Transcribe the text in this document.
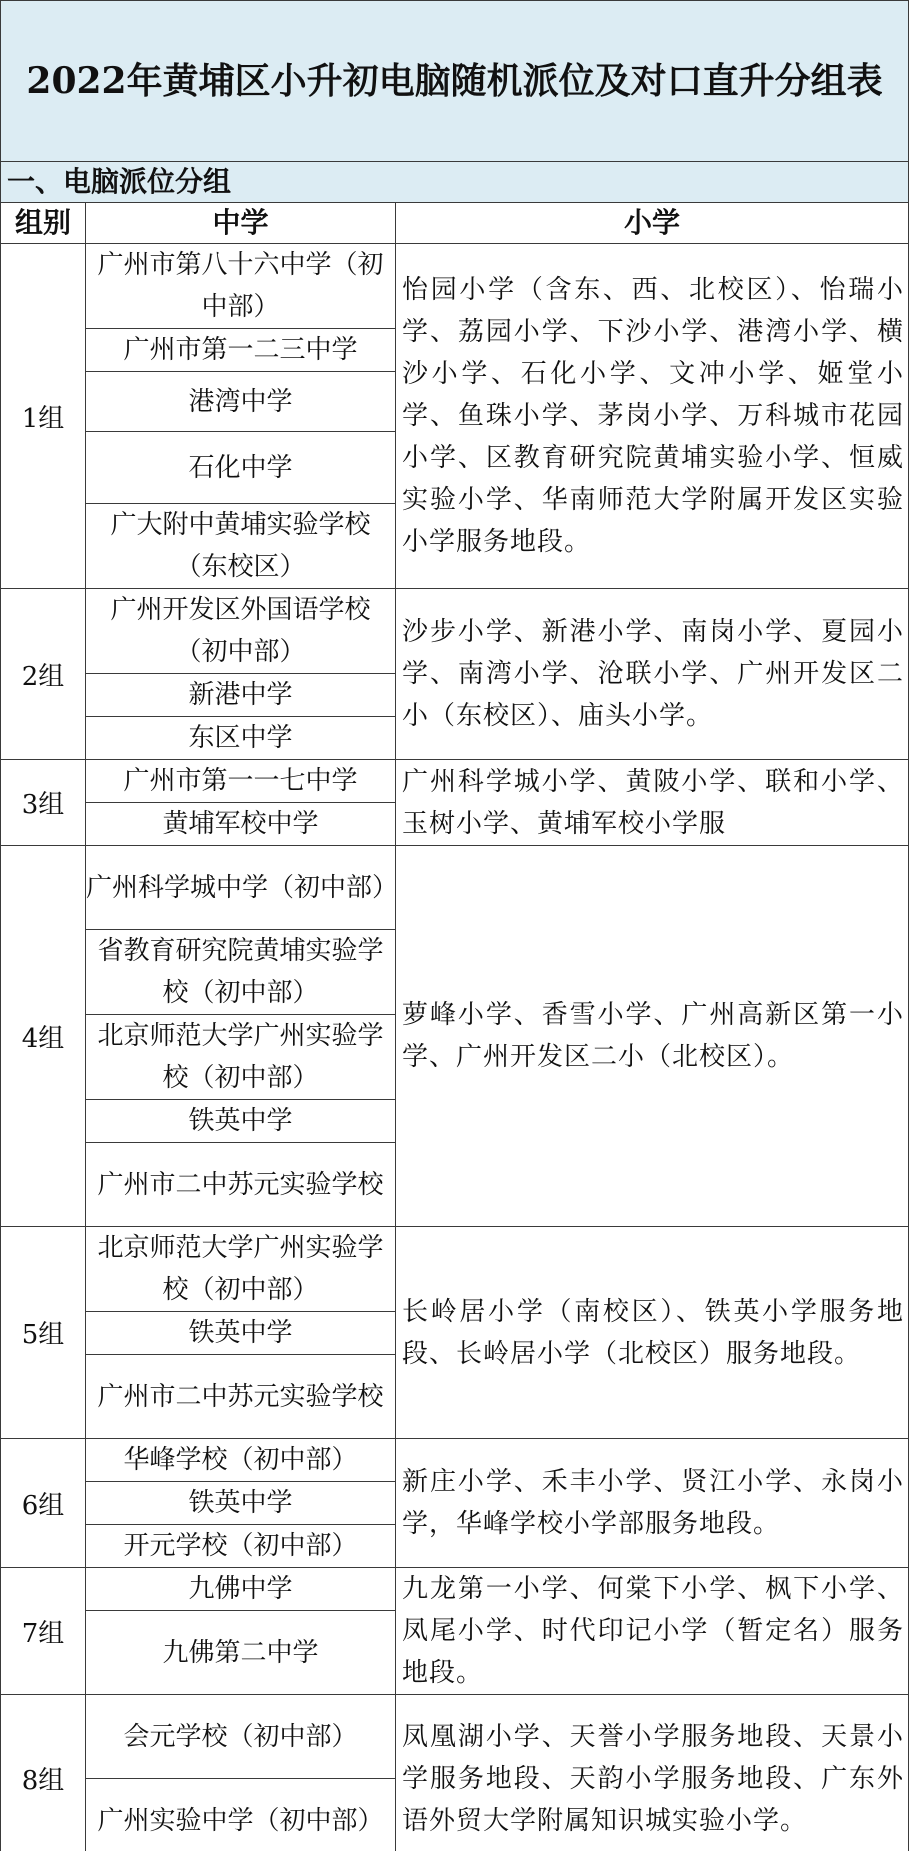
2022年黄埔区小升初电脑随机派位及对口直升分组表		
一、电脑派位分组		
组别	中学	小学
1组	广州市第八十六中学（初中部）	怡园小学（含东、西、北校区）、怡瑞小学、荔园小学、下沙小学、港湾小学、横沙小学、石化小学、文冲小学、姬堂小学、鱼珠小学、茅岗小学、万科城市花园小学、区教育研究院黄埔实验小学、恒威实验小学、华南师范大学附属开发区实验小学服务地段。
	广州市第一二三中学	
	港湾中学	
	石化中学	
	广大附中黄埔实验学校（东校区）	
2组	广州开发区外国语学校（初中部）	沙步小学、新港小学、南岗小学、夏园小学、南湾小学、沧联小学、广州开发区二小（东校区）、庙头小学。
	新港中学	
	东区中学	
3组	广州市第一一七中学	广州科学城小学、黄陂小学、联和小学、玉树小学、黄埔军校小学服
	黄埔军校中学	
4组	广州科学城中学（初中部）	萝峰小学、香雪小学、广州高新区第一小学、广州开发区二小（北校区）。
	省教育研究院黄埔实验学校（初中部）	
	北京师范大学广州实验学校（初中部）	
	铁英中学	
	广州市二中苏元实验学校	
5组	北京师范大学广州实验学校（初中部）	长岭居小学（南校区）、铁英小学服务地段、长岭居小学（北校区）服务地段。
	铁英中学	
	广州市二中苏元实验学校	
6组	华峰学校（初中部）	新庄小学、禾丰小学、贤江小学、永岗小学，华峰学校小学部服务地段。
	铁英中学	
	开元学校（初中部）	
7组	九佛中学	九龙第一小学、何棠下小学、枫下小学、凤尾小学、时代印记小学（暂定名）服务地段。
	九佛第二中学	
8组	会元学校（初中部）	凤凰湖小学、天誉小学服务地段、天景小学服务地段、天韵小学服务地段、广东外语外贸大学附属知识城实验小学。
	广州实验中学（初中部）	
